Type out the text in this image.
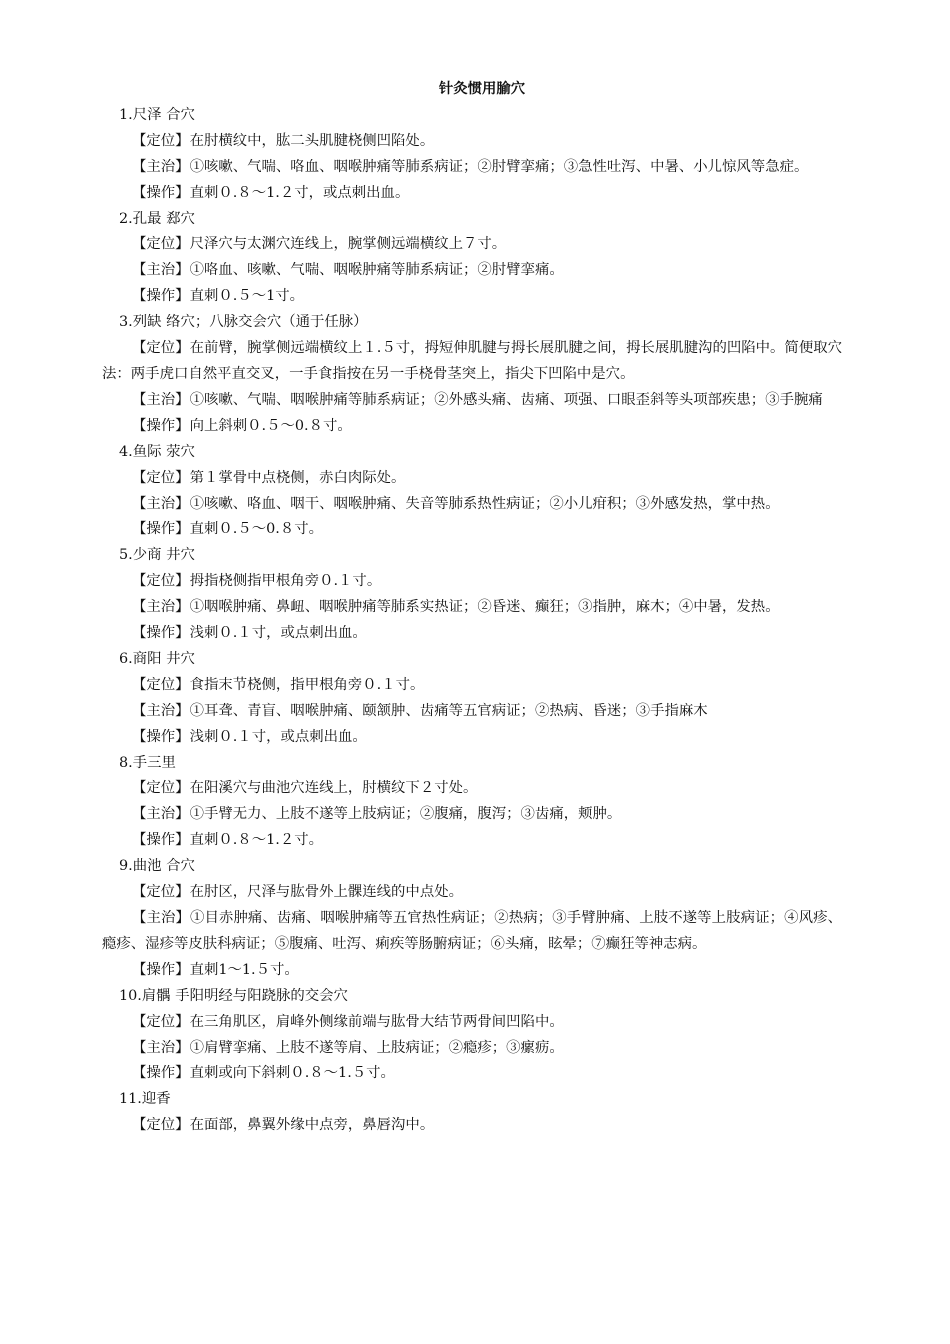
针灸惯用腧穴
1.尺泽 合穴

【定位】在肘横纹中，肱二头肌腱桡侧凹陷处。

【主治】①咳嗽、气喘、咯血、咽喉肿痛等肺系病证；②肘臂挛痛；③急性吐泻、中暑、小儿惊风等急症。

【操作】直刺０.８～1.２寸，或点刺出血。

2.孔最 郄穴

【定位】尺泽穴与太渊穴连线上，腕掌侧远端横纹上７寸。

【主治】①咯血、咳嗽、气喘、咽喉肿痛等肺系病证；②肘臂挛痛。

【操作】直刺０.５～1寸。

3.列缺 络穴；八脉交会穴（通于任脉）

【定位】在前臂，腕掌侧远端横纹上１.５寸，拇短伸肌腱与拇长展肌腱之间，拇长展肌腱沟的凹陷中。简便取穴法：两手虎口自然平直交叉，一手食指按在另一手桡骨茎突上，指尖下凹陷中是穴。

【主治】①咳嗽、气喘、咽喉肿痛等肺系病证；②外感头痛、齿痛、项强、口眼歪斜等头项部疾患；③手腕痛

【操作】向上斜刺０.５～0.８寸。

4.鱼际 荥穴

【定位】第１掌骨中点桡侧，赤白肉际处。

【主治】①咳嗽、咯血、咽干、咽喉肿痛、失音等肺系热性病证；②小儿疳积；③外感发热，掌中热。

【操作】直刺０.５～0.８寸。

5.少商 井穴

【定位】拇指桡侧指甲根角旁０.１寸。

【主治】①咽喉肿痛、鼻衄、咽喉肿痛等肺系实热证；②昏迷、癫狂；③指肿，麻木；④中暑，发热。

【操作】浅刺０.１寸，或点刺出血。

6.商阳 井穴

【定位】食指末节桡侧，指甲根角旁０.１寸。

【主治】①耳聋、青盲、咽喉肿痛、颐颔肿、齿痛等五官病证；②热病、昏迷；③手指麻木

【操作】浅刺０.１寸，或点刺出血。

8.手三里

【定位】在阳溪穴与曲池穴连线上，肘横纹下２寸处。

【主治】①手臂无力、上肢不遂等上肢病证；②腹痛，腹泻；③齿痛，颊肿。

【操作】直刺０.８～1.２寸。

9.曲池 合穴

【定位】在肘区，尺泽与肱骨外上髁连线的中点处。

【主治】①目赤肿痛、齿痛、咽喉肿痛等五官热性病证；②热病；③手臂肿痛、上肢不遂等上肢病证；④风疹、瘾疹、湿疹等皮肤科病证；⑤腹痛、吐泻、痢疾等肠腑病证；⑥头痛，眩晕；⑦癫狂等神志病。

【操作】直刺1～1.５寸。

10.肩髃 手阳明经与阳跷脉的交会穴

【定位】在三角肌区，肩峰外侧缘前端与肱骨大结节两骨间凹陷中。

【主治】①肩臂挛痛、上肢不遂等肩、上肢病证；②瘾疹；③瘰疬。

【操作】直刺或向下斜刺０.８～1.５寸。

11.迎香

【定位】在面部，鼻翼外缘中点旁，鼻唇沟中。
